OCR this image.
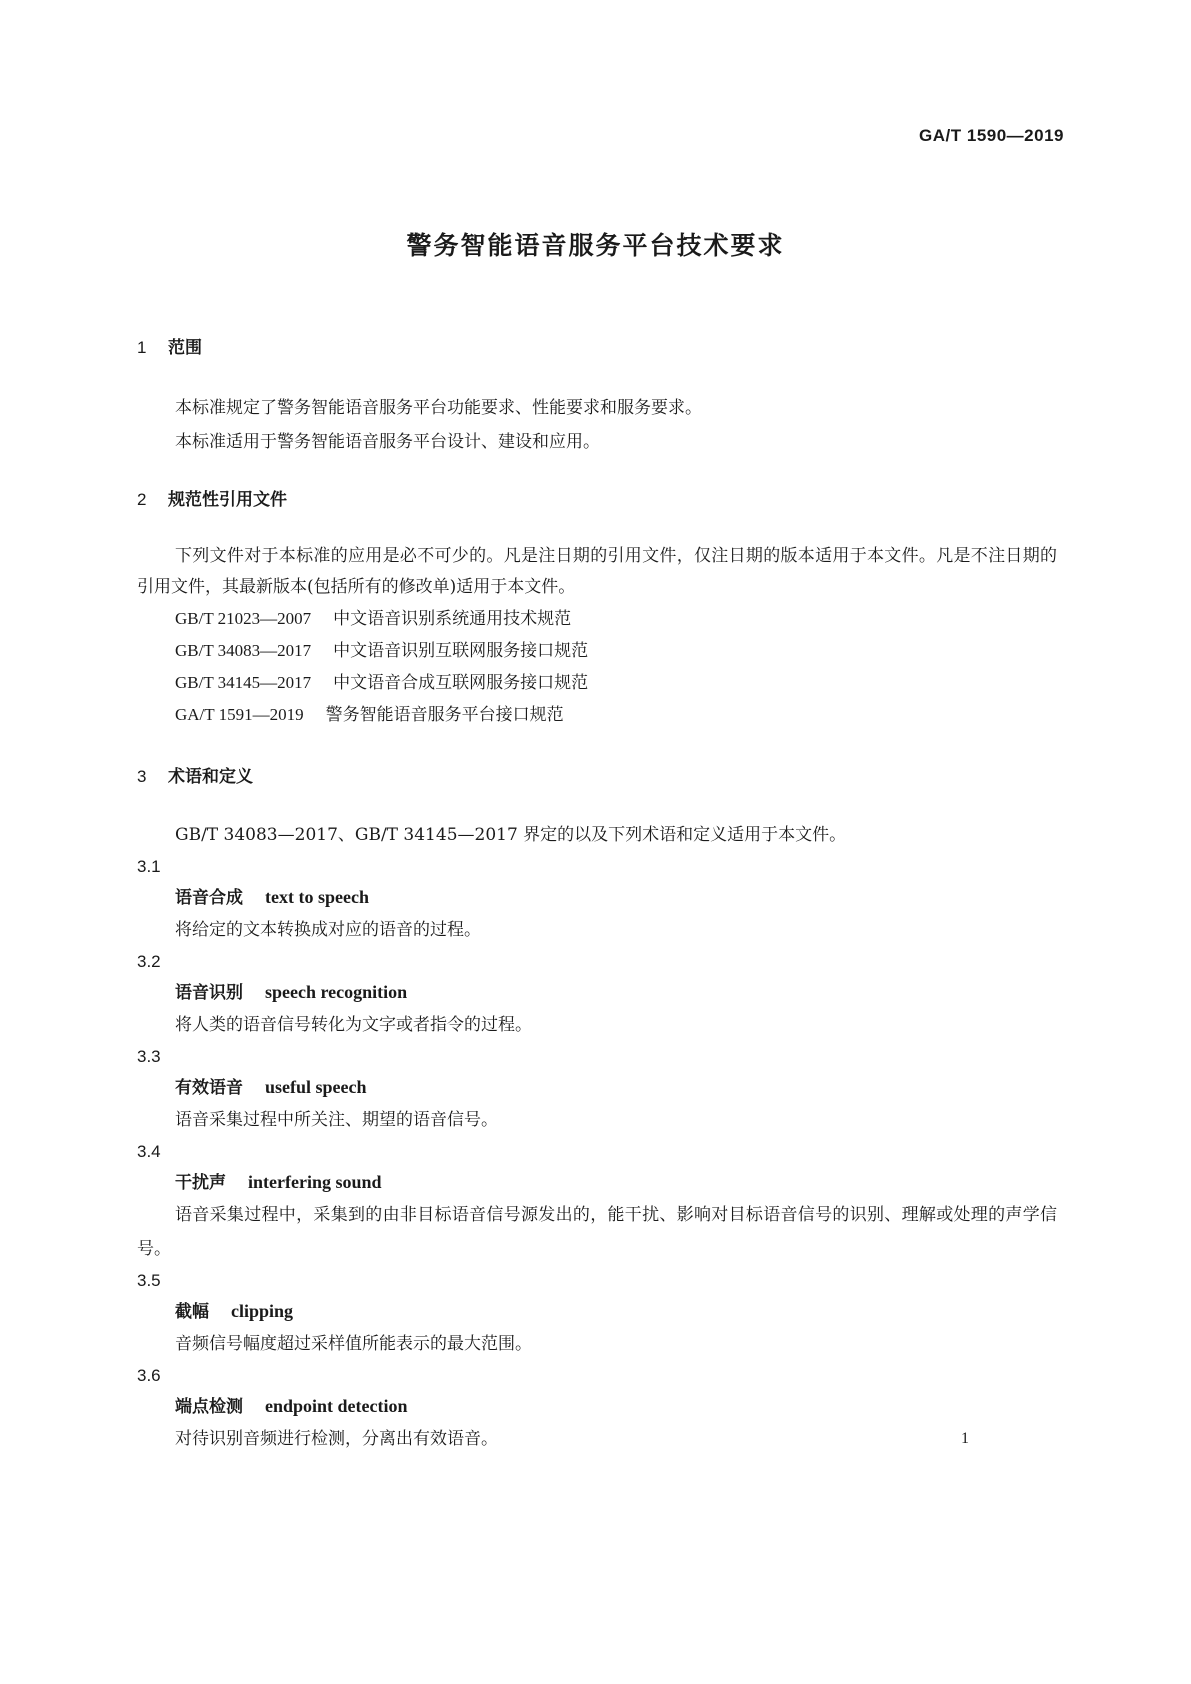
GA/T 1590—2019
警务智能语音服务平台技术要求
1 范围
本标准规定了警务智能语音服务平台功能要求、性能要求和服务要求。
本标准适用于警务智能语音服务平台设计、建设和应用。
2 规范性引用文件
下列文件对于本标准的应用是必不可少的。凡是注日期的引用文件，仅注日期的版本适用于本文件。凡是不注日期的引用文件，其最新版本(包括所有的修改单)适用于本文件。
GB/T 21023—2007 中文语音识别系统通用技术规范
GB/T 34083—2017 中文语音识别互联网服务接口规范
GB/T 34145—2017 中文语音合成互联网服务接口规范
GA/T 1591—2019 警务智能语音服务平台接口规范
3 术语和定义
GB/T 34083—2017、GB/T 34145—2017 界定的以及下列术语和定义适用于本文件。
3.1
语音合成 text to speech
将给定的文本转换成对应的语音的过程。
3.2
语音识别 speech recognition
将人类的语音信号转化为文字或者指令的过程。
3.3
有效语音 useful speech
语音采集过程中所关注、期望的语音信号。
3.4
干扰声 interfering sound
语音采集过程中，采集到的由非目标语音信号源发出的，能干扰、影响对目标语音信号的识别、理解或处理的声学信号。
3.5
截幅 clipping
音频信号幅度超过采样值所能表示的最大范围。
3.6
端点检测 endpoint detection
对待识别音频进行检测，分离出有效语音。	1
